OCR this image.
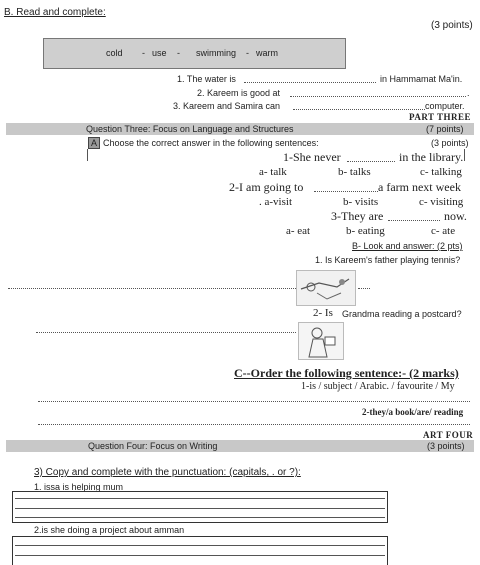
B. Read and complete:
(3 points)
cold - use - swimming - warm
1. The water is	in Hammamat Ma'in.
2. Kareem is good at	.
3. Kareem and Samira can	computer.
PART THREE
Question Three: Focus on Language and Structures	(7 points)
A Choose the correct answer in the following sentences:	(3 points)
1-She never	in the library.
a- talk	b- talks	c- talking
2-I am going to	a farm next week
. a-visit	b- visits	c- visiting
3-They are	now.
a- eat	b- eating	c- ate
B- Look and answer: (2 pts)
1. Is Kareem's father playing tennis?
2- Is Grandma reading a postcard?
C--Order the following sentence:- (2 marks)
1-is / subject / Arabic. / favourite / My
2-they/a book/are/ reading
ART FOUR
Question Four: Focus on Writing	(3 points)
3) Copy and complete with the punctuation: (capitals, . or ?):
1. issa is helping mum
2.is she doing a project about amman
